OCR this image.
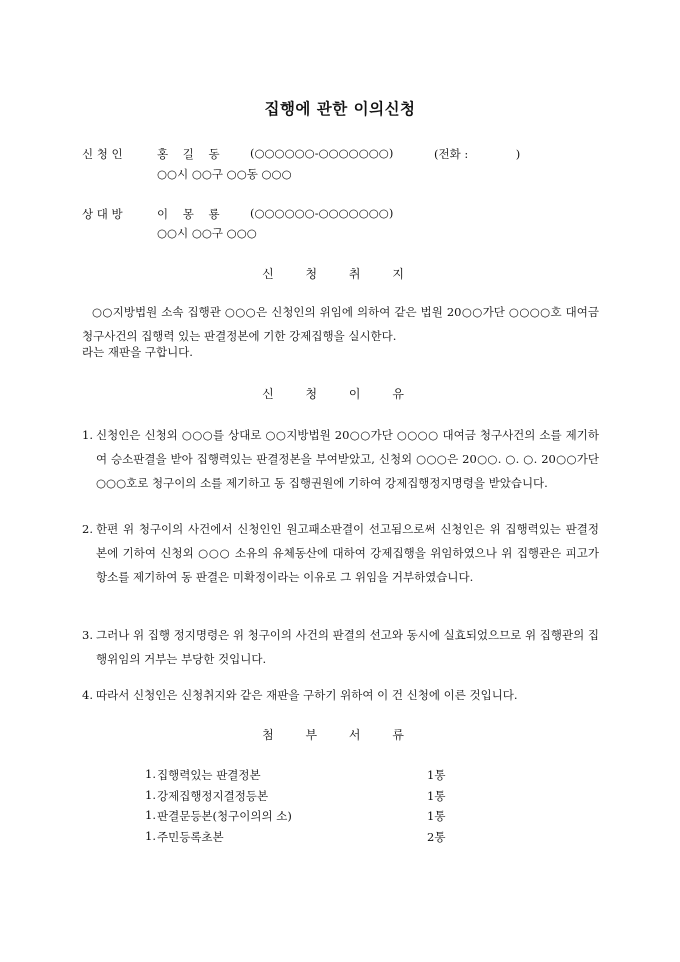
집행에 관한 이의신청
신 청 인	홍    길    동	(○○○○○○-○○○○○○○)	(전화 :             )
○○시 ○○구 ○○동 ○○○
상 대 방	이    몽    룡	(○○○○○○-○○○○○○○)
○○시 ○○구 ○○○
신 청 취 지
○○지방법원 소속 집행관 ○○○은 신청인의 위임에 의하여 같은 법원 20○○가단 ○○○○호 대여금 청구사건의 집행력 있는 판결정본에 기한 강제집행을 실시한다.
라는 재판을 구합니다.
신 청 이 유
1. 신청인은 신청외 ○○○를 상대로 ○○지방법원 20○○가단 ○○○○ 대여금 청구사건의 소를 제기하여 승소판결을 받아 집행력있는 판결정본을 부여받았고, 신청외 ○○○은 20○○. ○. ○. 20○○가단 ○○○호로 청구이의 소를 제기하고 동 집행권원에 기하여 강제집행정지명령을 받았습니다.
2. 한편 위 청구이의 사건에서 신청인인 원고패소판결이 선고됨으로써 신청인은 위 집행력있는 판결정본에 기하여 신청외 ○○○ 소유의 유체동산에 대하여 강제집행을 위임하였으나 위 집행관은 피고가 항소를 제기하여 동 판결은 미확정이라는 이유로 그 위임을 거부하였습니다.
3. 그러나 위 집행 정지명령은 위 청구이의 사건의 판결의 선고와 동시에 실효되었으므로 위 집행관의 집행위임의 거부는 부당한 것입니다.
4. 따라서 신청인은 신청취지와 같은 재판을 구하기 위하여 이 건 신청에 이른 것입니다.
첨 부 서 류
1. 집행력있는 판결정본	1통
1. 강제집행정지결정등본	1통
1. 판결문등본(청구이의의 소)	1통
1. 주민등록초본	2통
